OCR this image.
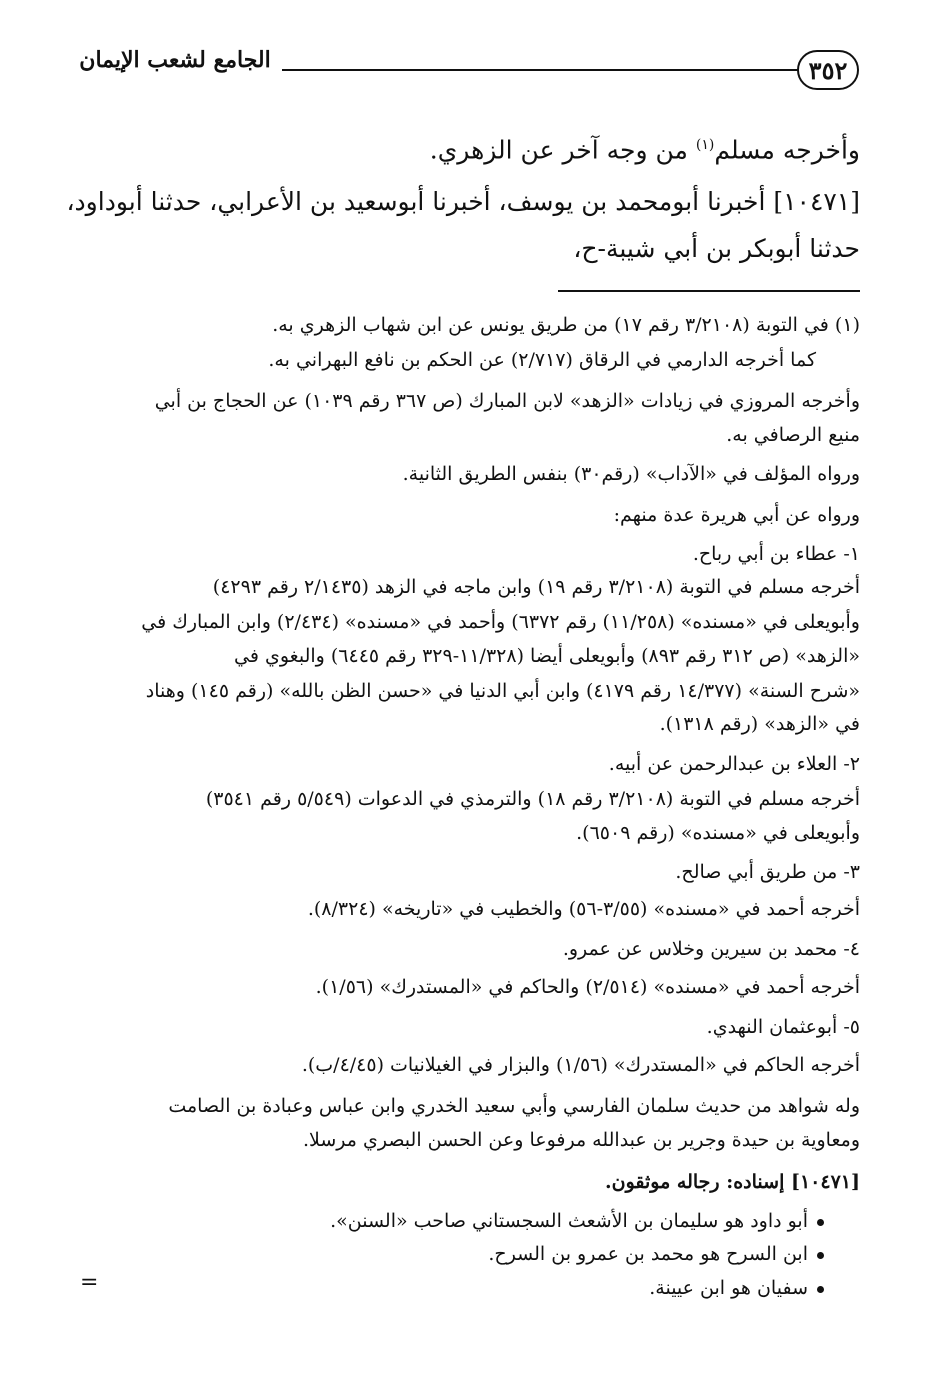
٣٥٢
الجامع لشعب الإيمان
وأخرجه مسلم$^{(١)}$ من وجه آخر عن الزهري.
[١٠٤٧١] أخبرنا أبومحمد بن يوسف، أخبرنا أبوسعيد بن الأعرابي، حدثنا أبوداود،
حدثنا أبوبكر بن أبي شيبة-ح،
(١) في التوبة (٣/٢١٠٨ رقم ١٧) من طريق يونس عن ابن شهاب الزهري به.
كما أخرجه الدارمي في الرقاق (٢/٧١٧) عن الحكم بن نافع البهراني به.
وأخرجه المروزي في زيادات «الزهد» لابن المبارك (ص ٣٦٧ رقم ١٠٣٩) عن الحجاج بن أبي
منيع الرصافي به.
ورواه المؤلف في «الآداب» (رقم٣٠) بنفس الطريق الثانية.
ورواه عن أبي هريرة عدة منهم:
١- عطاء بن أبي رباح.
أخرجه مسلم في التوبة (٣/٢١٠٨ رقم ١٩) وابن ماجه في الزهد (٢/١٤٣٥ رقم ٤٢٩٣)
وأبويعلى في «مسنده» (١١/٢٥٨) رقم ٦٣٧٢) وأحمد في «مسنده» (٢/٤٣٤) وابن المبارك في
«الزهد» (ص ٣١٢ رقم ٨٩٣) وأبويعلى أيضا (١١/٣٢٨-٣٢٩ رقم ٦٤٤٥) والبغوي في
«شرح السنة» (١٤/٣٧٧ رقم ٤١٧٩) وابن أبي الدنيا في «حسن الظن بالله» (رقم ١٤٥) وهناد
في «الزهد» (رقم ١٣١٨).
٢- العلاء بن عبدالرحمن عن أبيه.
أخرجه مسلم في التوبة (٣/٢١٠٨ رقم ١٨) والترمذي في الدعوات (٥/٥٤٩ رقم ٣٥٤١)
وأبويعلى في «مسنده» (رقم ٦٥٠٩).
٣- من طريق أبي صالح.
أخرجه أحمد في «مسنده» (٣/٥٥-٥٦) والخطيب في «تاريخه» (٨/٣٢٤).
٤- محمد بن سيرين وخلاس عن عمرو.
أخرجه أحمد في «مسنده» (٢/٥١٤) والحاكم في «المستدرك» (١/٥٦).
٥- أبوعثمان النهدي.
أخرجه الحاكم في «المستدرك» (١/٥٦) والبزار في الغيلانيات (٤/٤٥/ب).
وله شواهد من حديث سلمان الفارسي وأبي سعيد الخدري وابن عباس وعبادة بن الصامت
ومعاوية بن حيدة وجرير بن عبدالله مرفوعا وعن الحسن البصري مرسلا.
[١٠٤٧١] إسناده: رجاله موثقون.
أبو داود هو سليمان بن الأشعث السجستاني صاحب «السنن».
ابن السرح هو محمد بن عمرو بن السرح.
سفيان هو ابن عيينة.
=
